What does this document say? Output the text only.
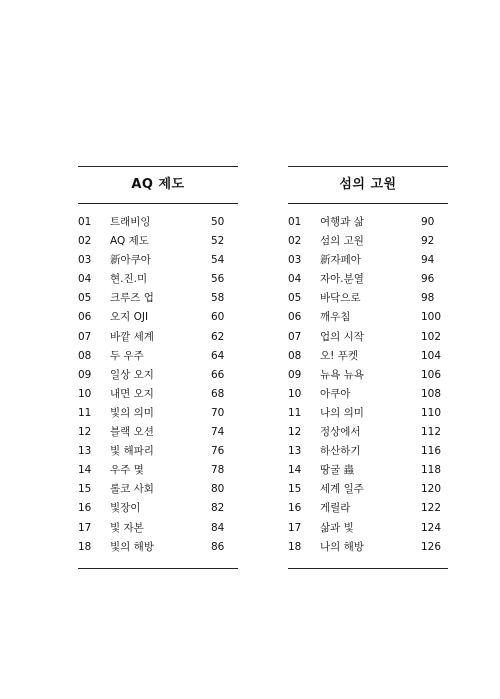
AQ 제도
01 트래비잉	50
02 AQ 제도	52
03 新아쿠아	54
04 현.진.미	56
05 크루즈 업	58
06 오지 OJI	60
07 바깥 세계	62
08 두 우주	64
09 일상 오지	66
10 내면 오지	68
11 빛의 의미	70
12 블랙 오션	74
13 빛 해파리	76
14 우주 몇	78
15 롤코 사회	80
16 빛장이	82
17 빛 자본	84
18 빛의 해방	86
섬의 고원
01 여행과 삶	90
02 섬의 고원	92
03 新자페아	94
04 자아.분열	96
05 바닥으로	98
06 깨우침	100
07 업의 시작	102
08 오! 푸켓	104
09 뉴욕 뉴욕	106
10 아쿠아	108
11 나의 의미	110
12 정상에서	112
13 하산하기	116
14 땅굴 蟲	118
15 세계 일주	120
16 게릴라	122
17 삶과 빛	124
18 나의 해방	126
